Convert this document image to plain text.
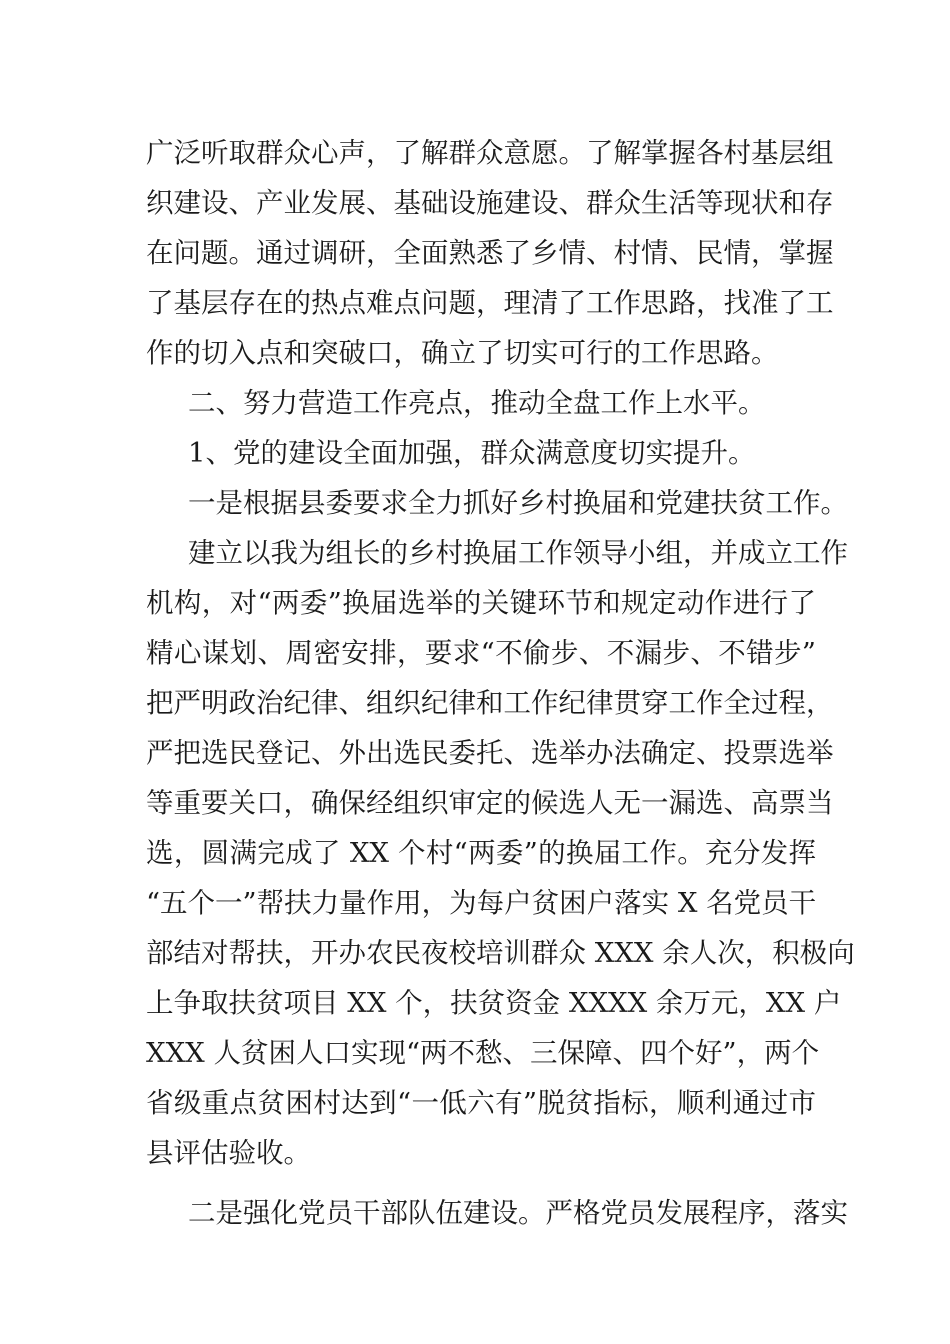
广泛听取群众心声，了解群众意愿。了解掌握各村基层组
织建设、产业发展、基础设施建设、群众生活等现状和存
在问题。通过调研，全面熟悉了乡情、村情、民情，掌握
了基层存在的热点难点问题，理清了工作思路，找准了工
作的切入点和突破口，确立了切实可行的工作思路。
二、努力营造工作亮点，推动全盘工作上水平。
1、党的建设全面加强，群众满意度切实提升。
一是根据县委要求全力抓好乡村换届和党建扶贫工作。
建立以我为组长的乡村换届工作领导小组，并成立工作
机构，对“两委”换届选举的关键环节和规定动作进行了
精心谋划、周密安排，要求“不偷步、不漏步、不错步”
把严明政治纪律、组织纪律和工作纪律贯穿工作全过程，
严把选民登记、外出选民委托、选举办法确定、投票选举
等重要关口，确保经组织审定的候选人无一漏选、高票当
选，圆满完成了 XX 个村“两委”的换届工作。充分发挥
“五个一”帮扶力量作用，为每户贫困户落实 X 名党员干
部结对帮扶，开办农民夜校培训群众 XXX 余人次，积极向
上争取扶贫项目 XX 个，扶贫资金 XXXX 余万元，XX 户
XXX 人贫困人口实现“两不愁、三保障、四个好”，两个
省级重点贫困村达到“一低六有”脱贫指标，顺利通过市
县评估验收。
二是强化党员干部队伍建设。严格党员发展程序，落实
